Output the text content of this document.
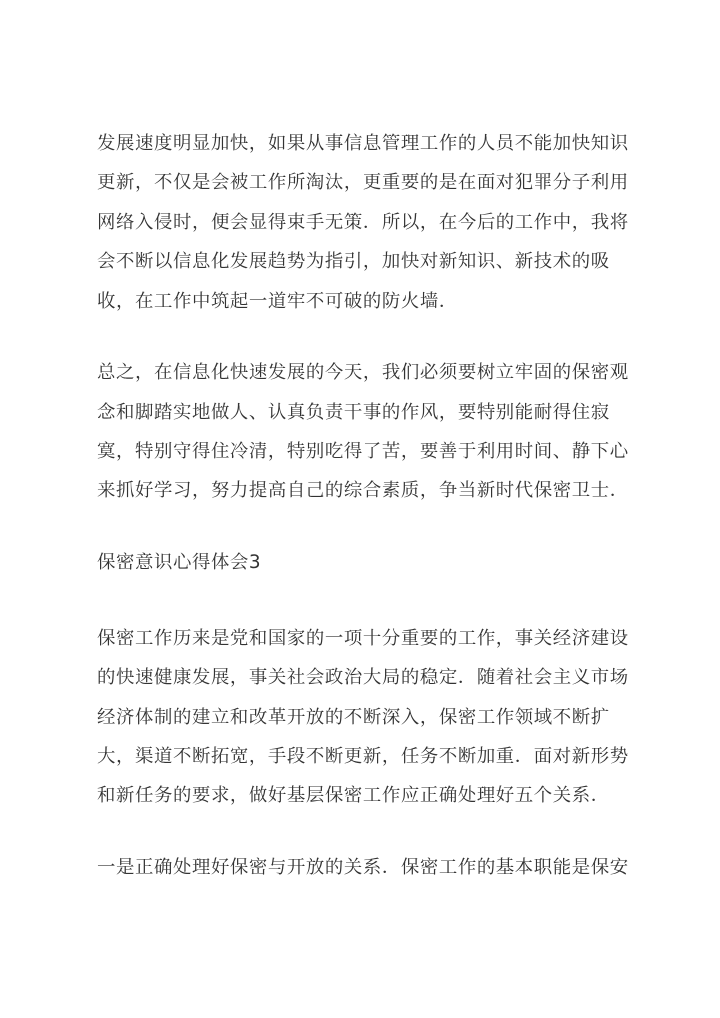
发展速度明显加快，如果从事信息管理工作的人员不能加快知识
更新，不仅是会被工作所淘汰，更重要的是在面对犯罪分子利用
网络入侵时，便会显得束手无策．所以，在今后的工作中，我将
会不断以信息化发展趋势为指引，加快对新知识、新技术的吸
收，在工作中筑起一道牢不可破的防火墙．
总之，在信息化快速发展的今天，我们必须要树立牢固的保密观
念和脚踏实地做人、认真负责干事的作风，要特别能耐得住寂
寞，特别守得住冷清，特别吃得了苦，要善于利用时间、静下心
来抓好学习，努力提高自己的综合素质，争当新时代保密卫士．
保密意识心得体会3
保密工作历来是党和国家的一项十分重要的工作，事关经济建设
的快速健康发展，事关社会政治大局的稳定．随着社会主义市场
经济体制的建立和改革开放的不断深入，保密工作领域不断扩
大，渠道不断拓宽，手段不断更新，任务不断加重．面对新形势
和新任务的要求，做好基层保密工作应正确处理好五个关系．
一是正确处理好保密与开放的关系．保密工作的基本职能是保安
